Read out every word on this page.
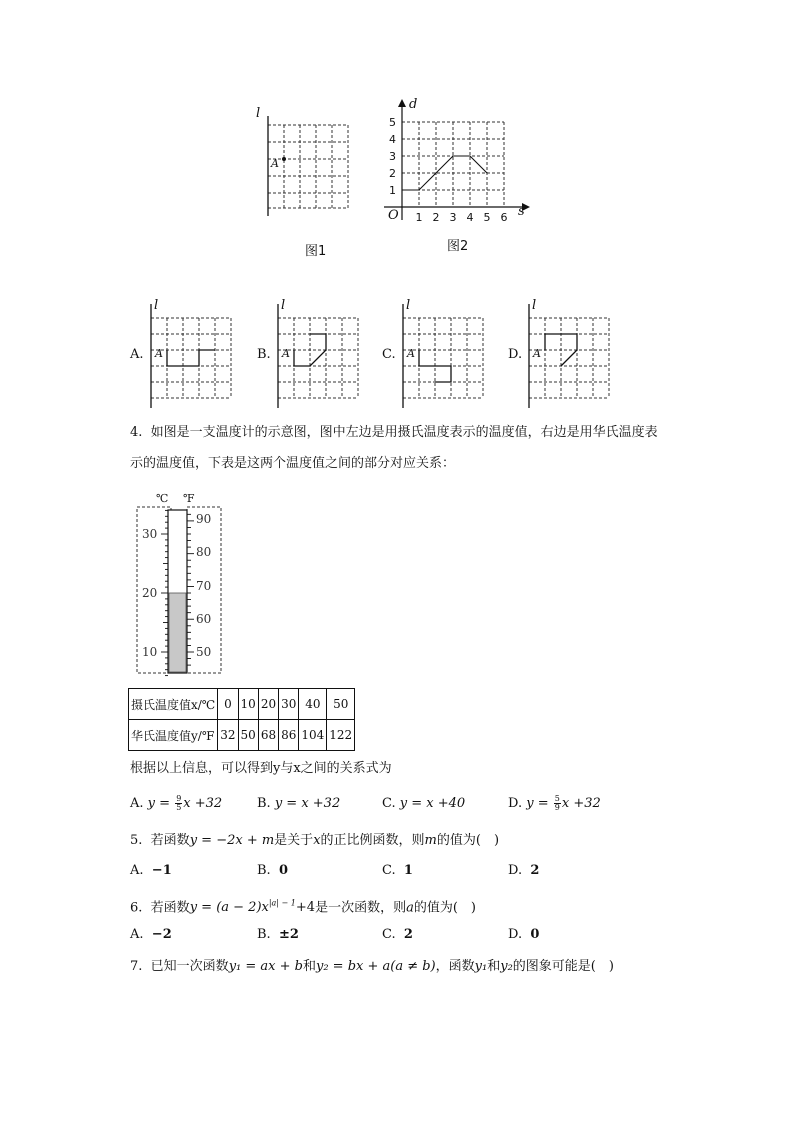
l
A
图1
1 2 3 4 5 6
1
2
3
4
5
d
s
O
图2
A.
l
A	B.
l
A	C.
l
A	D.
l
A
4. 如图是一支温度计的示意图，图中左边是用摄氏温度表示的温度值，右边是用华氏温度表
示的温度值，下表是这两个温度值之间的部分对应关系：
℃ ℉
30
20
10
90
80
70
60
50
摄氏温度值x/℃	0	10	20	30	40	50
华氏温度值y/℉	32	50	68	86	104	122
根据以上信息，可以得到y与x之间的关系式为
A. $y = \frac{9}{5}$ x +32	B. y = x +32	C. y = x +40	D. $y = \frac{5}{9}$ x +32
5. 若函数y = −2x + m是关于x的正比例函数，则m的值为(　)
A. −1	B. 0	C. 1	D. 2
6. 若函数$y = (a - 2)x^{|a| - 1}+4$是一次函数，则a的值为(　)
A. −2	B. ±2	C. 2	D. 0
7. 已知一次函数y₁ = ax + b和y₂ = bx + a(a ≠ b)，函数y₁和y₂的图象可能是(　)
